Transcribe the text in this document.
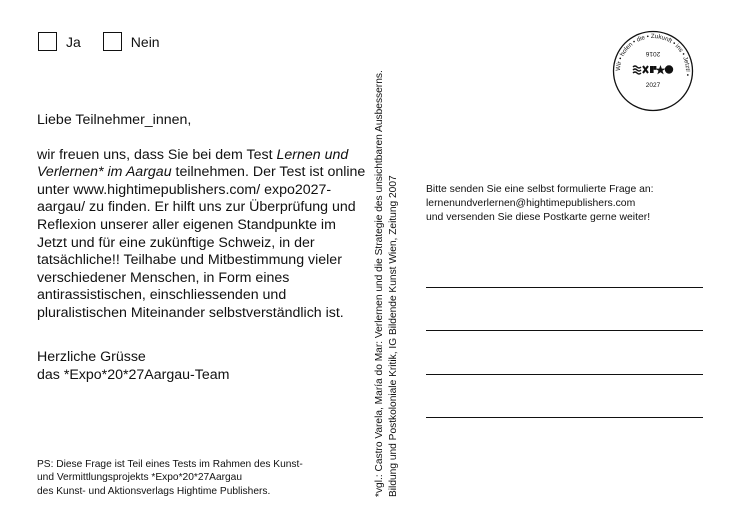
Ja	Nein

Liebe Teilnehmer_innen,

wir freuen uns, dass Sie bei dem Test Lernen und Verlernen* im Aargau teilnehmen. Der Test ist online unter www.hightimepublishers.com/ expo2027-aargau/ zu finden. Er hilft uns zur Überprüfung und Reflexion unserer aller eigenen Standpunkte im Jetzt und für eine zukünftige Schweiz, in der tatsächliche!! Teilhabe und Mitbestimmung vieler verschiedener Menschen, in Form eines antirassistischen, einschliessenden und pluralistischen Miteinander selbstverständlich ist.

Herzliche Grüsse
das *Expo*20*27Aargau-Team
PS: Diese Frage ist Teil eines Tests im Rahmen des Kunst-
und Vermittlungsprojekts *Expo*20*27Aargau
des Kunst- und Aktionsverlags Hightime Publishers.	*vgl.: Castro Varela, María do Mar: Verlernen und die Strategie des unsichtbaren Ausbesserns. Bildung und Postkoloniale Kritik, IG Bildende Kunst Wien, Zeitung 2007
Wir • holen • die • Zukunft • ins • Jetzt! •
2016
2027
Bitte senden Sie eine selbst formulierte Frage an:
lernenundverlernen@hightimepublishers.com
und versenden Sie diese Postkarte gerne weiter!
